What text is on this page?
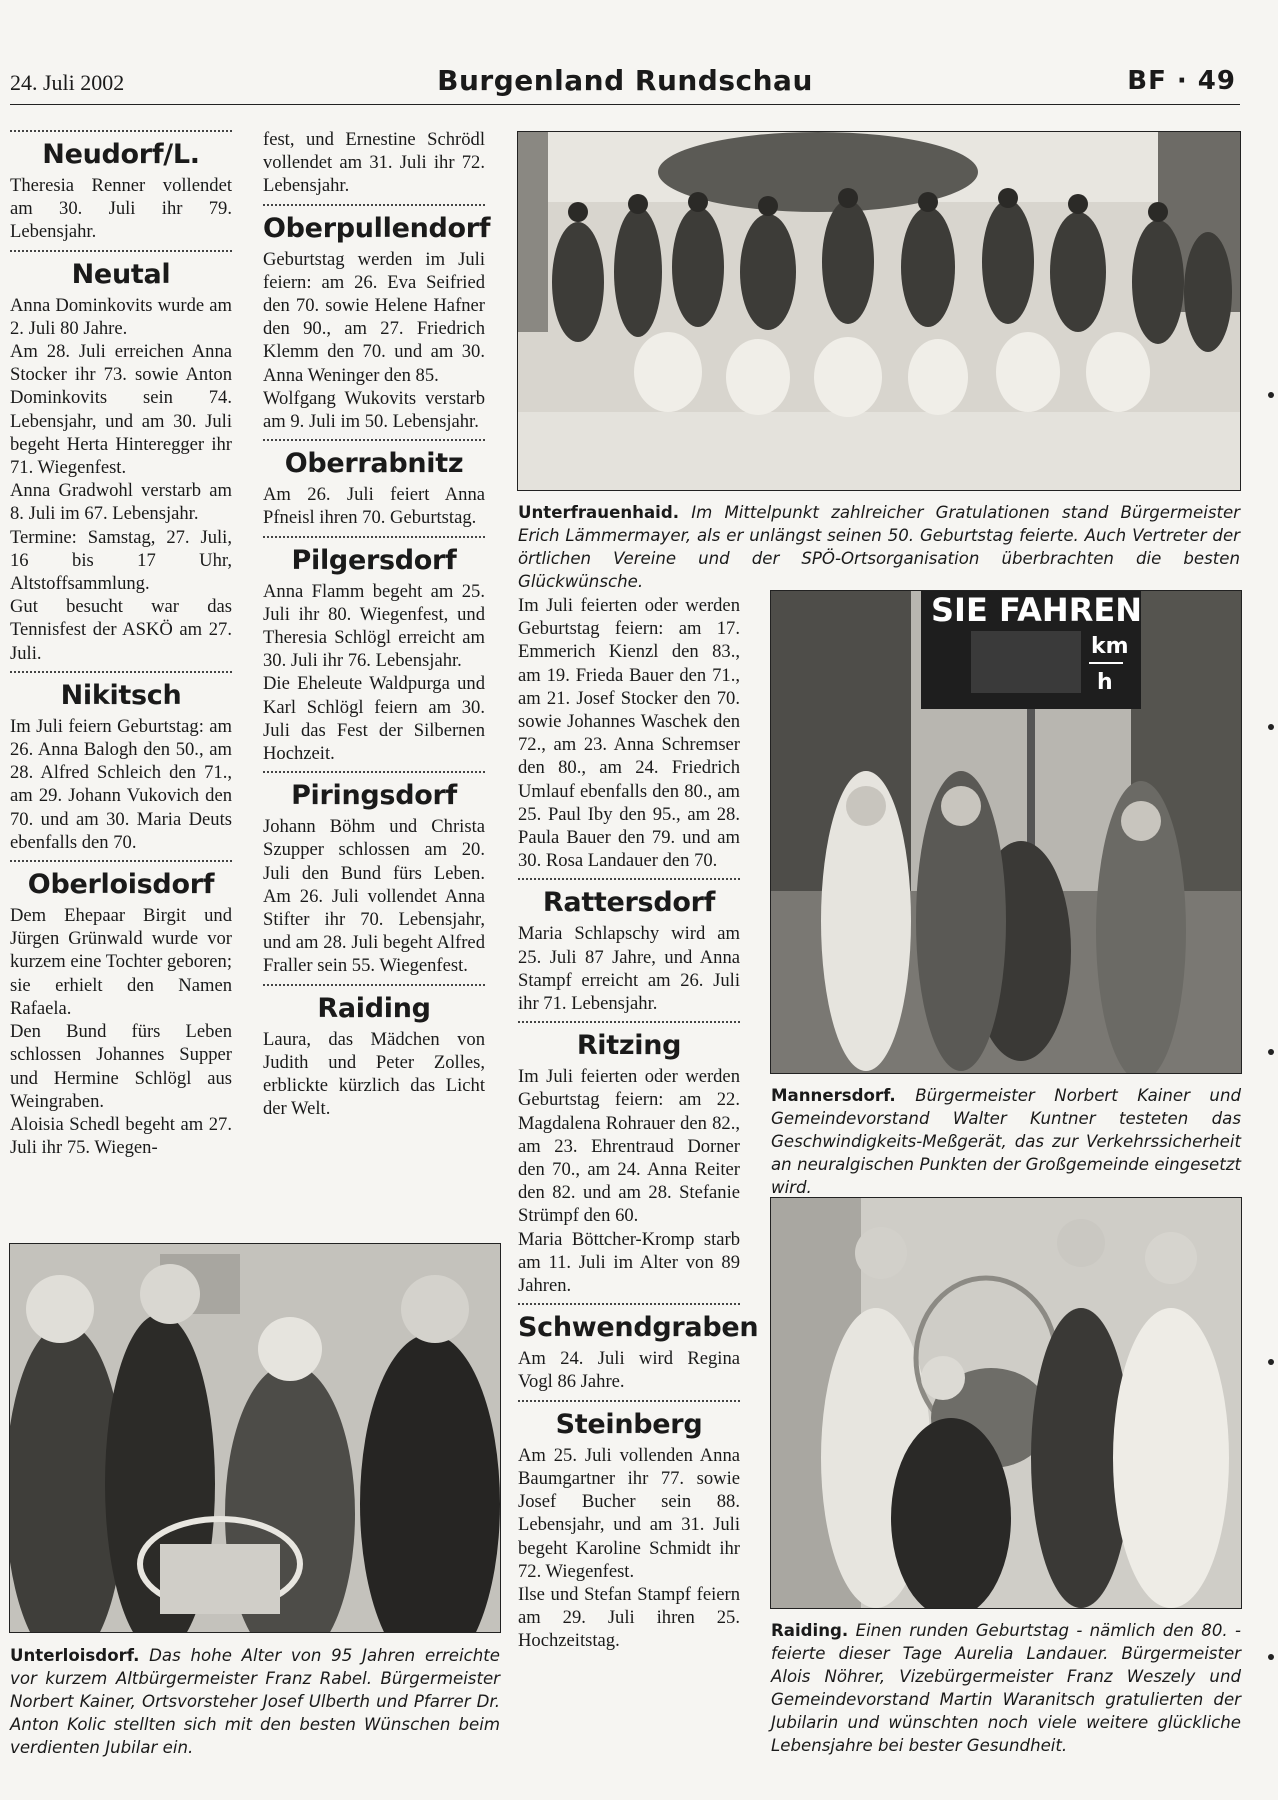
24. Juli 2002	Burgenland Rundschau	BF · 49
Neudorf/L.

Theresia Renner vollendet am 30. Juli ihr 79. Lebensjahr.

Neutal

Anna Dominkovits wurde am 2. Juli 80 Jahre.

Am 28. Juli erreichen Anna Stocker ihr 73. sowie Anton Dominkovits sein 74. Lebensjahr, und am 30. Juli begeht Herta Hinteregger ihr 71. Wiegenfest.

Anna Gradwohl verstarb am 8. Juli im 67. Lebensjahr.

Termine: Samstag, 27. Juli, 16 bis 17 Uhr, Altstoffsammlung.

Gut besucht war das Tennisfest der ASKÖ am 27. Juli.

Nikitsch

Im Juli feiern Geburtstag: am 26. Anna Balogh den 50., am 28. Alfred Schleich den 71., am 29. Johann Vukovich den 70. und am 30. Maria Deuts ebenfalls den 70.

Oberloisdorf

Dem Ehepaar Birgit und Jürgen Grünwald wurde vor kurzem eine Tochter geboren; sie erhielt den Namen Rafaela.

Den Bund fürs Leben schlossen Johannes Supper und Hermine Schlögl aus Weingraben.

Aloisia Schedl begeht am 27. Juli ihr 75. Wiegen-

fest, und Ernestine Schrödl vollendet am 31. Juli ihr 72. Lebensjahr.

Oberpullendorf

Geburtstag werden im Juli feiern: am 26. Eva Seifried den 70. sowie Helene Hafner den 90., am 27. Friedrich Klemm den 70. und am 30. Anna Weninger den 85.

Wolfgang Wukovits verstarb am 9. Juli im 50. Lebensjahr.

Oberrabnitz

Am 26. Juli feiert Anna Pfneisl ihren 70. Geburtstag.

Pilgersdorf

Anna Flamm begeht am 25. Juli ihr 80. Wiegenfest, und Theresia Schlögl erreicht am 30. Juli ihr 76. Lebensjahr.

Die Eheleute Waldpurga und Karl Schlögl feiern am 30. Juli das Fest der Silbernen Hochzeit.

Piringsdorf

Johann Böhm und Christa Szupper schlossen am 20. Juli den Bund fürs Leben. Am 26. Juli vollendet Anna Stifter ihr 70. Lebensjahr, und am 28. Juli begeht Alfred Fraller sein 55. Wiegenfest.

Raiding

Laura, das Mädchen von Judith und Peter Zolles, erblickte kürzlich das Licht der Welt.

Im Juli feierten oder werden Geburtstag feiern: am 17. Emmerich Kienzl den 83., am 19. Frieda Bauer den 71., am 21. Josef Stocker den 70. sowie Johannes Waschek den 72., am 23. Anna Schremser den 80., am 24. Friedrich Umlauf ebenfalls den 80., am 25. Paul Iby den 95., am 28. Paula Bauer den 79. und am 30. Rosa Landauer den 70.

Rattersdorf

Maria Schlapschy wird am 25. Juli 87 Jahre, und Anna Stampf erreicht am 26. Juli ihr 71. Lebensjahr.

Ritzing

Im Juli feierten oder werden Geburtstag feiern: am 22. Magdalena Rohrauer den 82., am 23. Ehrentraud Dorner den 70., am 24. Anna Reiter den 82. und am 28. Stefanie Strümpf den 60.

Maria Böttcher-Kromp starb am 11. Juli im Alter von 89 Jahren.

Schwendgraben

Am 24. Juli wird Regina Vogl 86 Jahre.

Steinberg

Am 25. Juli vollenden Anna Baumgartner ihr 77. sowie Josef Bucher sein 88. Lebensjahr, und am 31. Juli begeht Karoline Schmidt ihr 72. Wiegenfest.

Ilse und Stefan Stampf feiern am 29. Juli ihren 25. Hochzeitstag.

Unterfrauenhaid. Im Mittelpunkt zahlreicher Gratulationen stand Bürgermeister Erich Lämmermayer, als er unlängst seinen 50. Geburtstag feierte. Auch Vertreter der örtlichen Vereine und der SPÖ-Ortsorganisation überbrachten die besten Glückwünsche.
SIE FAHREN
km
h
Mannersdorf. Bürgermeister Norbert Kainer und Gemeindevorstand Walter Kuntner testeten das Geschwindigkeits-Meßgerät, das zur Verkehrssicherheit an neuralgischen Punkten der Großgemeinde eingesetzt wird.
Unterloisdorf. Das hohe Alter von 95 Jahren erreichte vor kurzem Altbürgermeister Franz Rabel. Bürgermeister Norbert Kainer, Ortsvorsteher Josef Ulberth und Pfarrer Dr. Anton Kolic stellten sich mit den besten Wünschen beim verdienten Jubilar ein.
Raiding. Einen runden Geburtstag - nämlich den 80. - feierte dieser Tage Aurelia Landauer. Bürgermeister Alois Nöhrer, Vizebürgermeister Franz Weszely und Gemeindevorstand Martin Waranitsch gratulierten der Jubilarin und wünschten noch viele weitere glückliche Lebensjahre bei bester Gesundheit.
